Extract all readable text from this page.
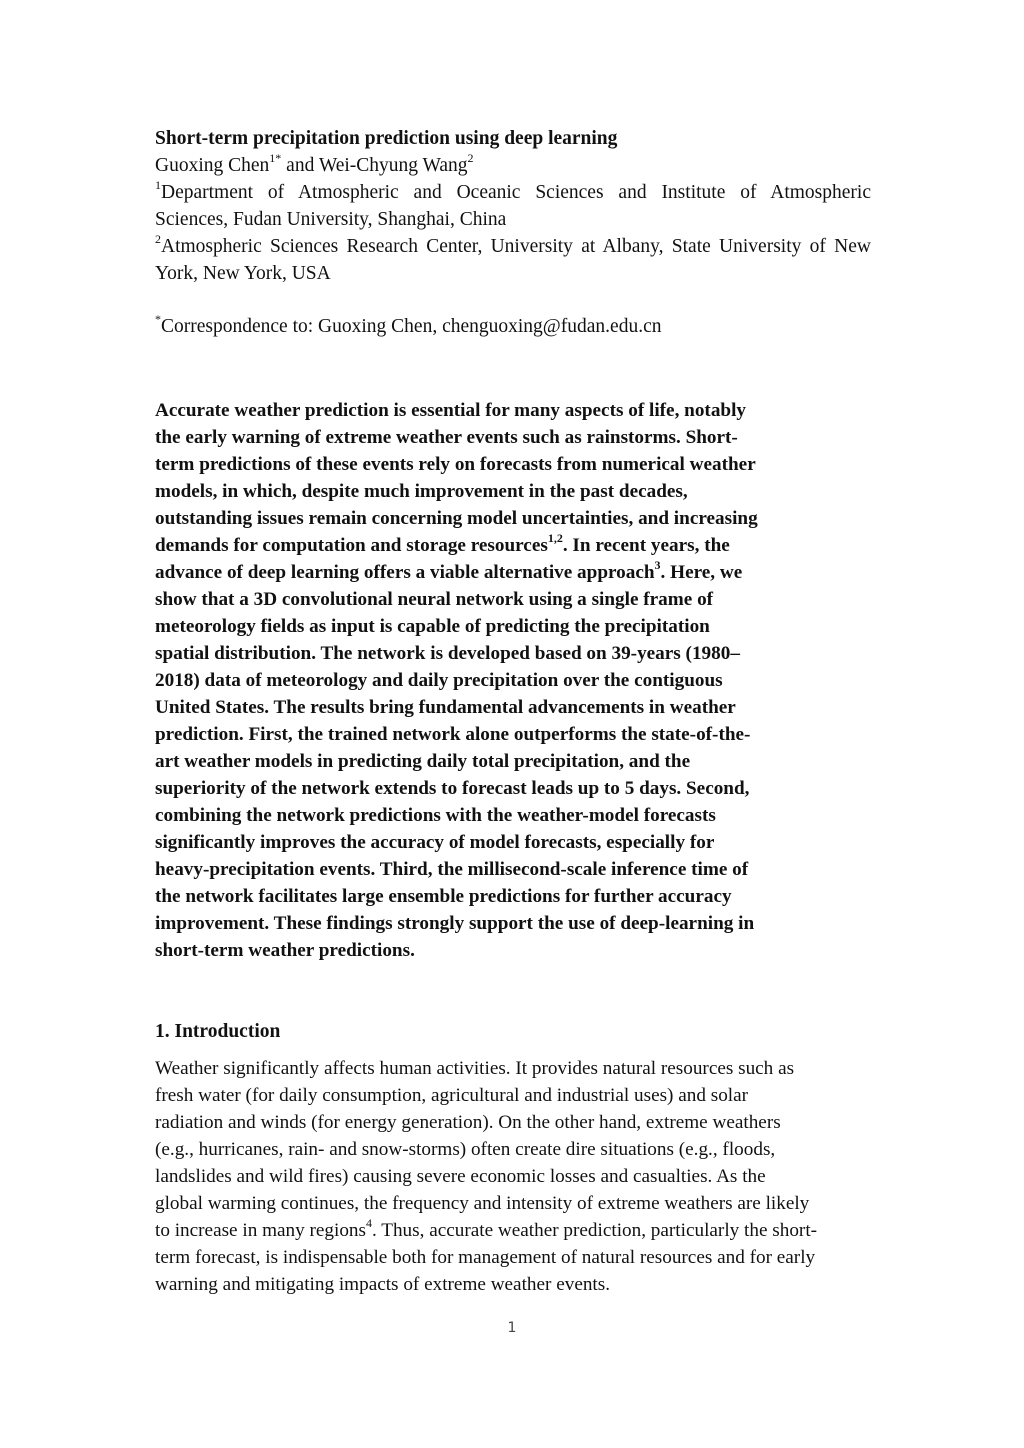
Short-term precipitation prediction using deep learning
Guoxing Chen$^{1*}$ and Wei-Chyung Wang$^2$
$^1$Department of Atmospheric and Oceanic Sciences and Institute of Atmospheric
Sciences, Fudan University, Shanghai, China
$^2$Atmospheric Sciences Research Center, University at Albany, State University of New
York, New York, USA
*Correspondence to: Guoxing Chen, chenguoxing@fudan.edu.cn
Accurate weather prediction is essential for many aspects of life, notably
the early warning of extreme weather events such as rainstorms. Short-
term predictions of these events rely on forecasts from numerical weather
models, in which, despite much improvement in the past decades,
outstanding issues remain concerning model uncertainties, and increasing
demands for computation and storage resources$^{1,2}$. In recent years, the
advance of deep learning offers a viable alternative approach$^3$. Here, we
show that a 3D convolutional neural network using a single frame of
meteorology fields as input is capable of predicting the precipitation
spatial distribution. The network is developed based on 39-years (1980–
2018) data of meteorology and daily precipitation over the contiguous
United States. The results bring fundamental advancements in weather
prediction. First, the trained network alone outperforms the state-of-the-
art weather models in predicting daily total precipitation, and the
superiority of the network extends to forecast leads up to 5 days. Second,
combining the network predictions with the weather-model forecasts
significantly improves the accuracy of model forecasts, especially for
heavy-precipitation events. Third, the millisecond-scale inference time of
the network facilitates large ensemble predictions for further accuracy
improvement. These findings strongly support the use of deep-learning in
short-term weather predictions.
1. Introduction
Weather significantly affects human activities. It provides natural resources such as
fresh water (for daily consumption, agricultural and industrial uses) and solar
radiation and winds (for energy generation). On the other hand, extreme weathers
(e.g., hurricanes, rain- and snow-storms) often create dire situations (e.g., floods,
landslides and wild fires) causing severe economic losses and casualties. As the
global warming continues, the frequency and intensity of extreme weathers are likely
to increase in many regions$^4$. Thus, accurate weather prediction, particularly the short-
term forecast, is indispensable both for management of natural resources and for early
warning and mitigating impacts of extreme weather events.
1
